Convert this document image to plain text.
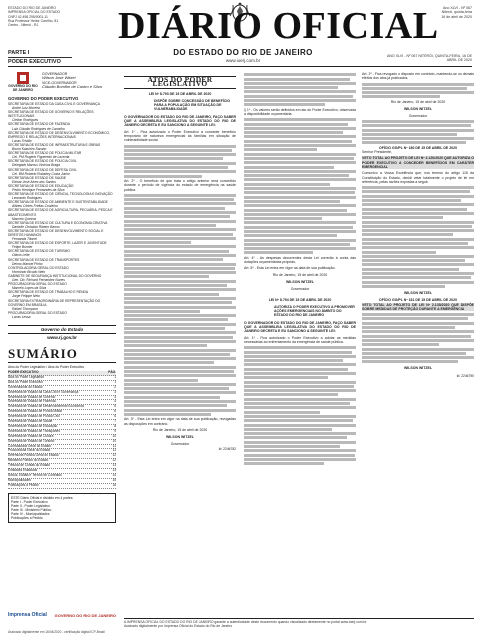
ESTADO DO RIO DE JANEIRO
IMPRENSA OFICIAL DO ESTADO
CNPJ 42.498.295/0001-11
Rua Professor Heitor Carrilho, 81
Centro - Niterói - RJ
PARTE I
PODER EXECUTIVO
DIÁRIO OFICIAL
DO ESTADO DO RIO DE JANEIRO
www.ioerj.com.br
Ano XLVI - Nº 067
Niterói, quinta-feira
16 de abril de 2020
ANO XLVI - Nº 067 NITERÓI, QUINTA-FEIRA, 16 DE ABRIL DE 2020
GOVERNO DO RIO DE JANEIRO
GOVERNADOR
Wilson José Witzel
VICE-GOVERNADOR
Cláudio Bomfim de Castro e Silva
GOVERNO DO PODER EXECUTIVO
SECRETARIA DE ESTADO DA CASA CIVIL E GOVERNANÇA
André Luiz Moreira
SECRETARIA DE ESTADO DE GOVERNO E RELAÇÕES INSTITUCIONAIS
Cleiton Rodrigues
SECRETARIA DE ESTADO DE FAZENDA
Luiz Cláudio Rodrigues de Carvalho
SECRETARIA DE ESTADO DE DESENVOLVIMENTO ECONÔMICO, EMPREGO E RELAÇÕES INTERNACIONAIS
Lucas Tristão
SECRETARIA DE ESTADO DE INFRAESTRUTURA E OBRAS
Bruno Kazuhiro Sarubo
SECRETARIA DE ESTADO DE POLÍCIA MILITAR
Cel. PM Rogério Figueredo de Lacerda
SECRETARIA DE ESTADO DE POLÍCIA CIVIL
Delegado Marcus Vinícius Braga
SECRETARIA DE ESTADO DE DEFESA CIVIL
Cel. BM Roberto Robadey Costa Junior
SECRETARIA DE ESTADO DE SAÚDE
Edmar José Alves dos Santos
SECRETARIA DE ESTADO DE EDUCAÇÃO
Pedro Henrique Fernandes da Silva
SECRETARIA DE ESTADO DE CIÊNCIA, TECNOLOGIA E INOVAÇÃO
Leonardo Rodrigues
SECRETARIA DE ESTADO DE AMBIENTE E SUSTENTABILIDADE
Altineu Côrtes Freitas Coutinho
SECRETARIA DE ESTADO DE AGRICULTURA, PECUÁRIA, PESCA E ABASTECIMENTO
Marcelo Queiroz
SECRETARIA DE ESTADO DE CULTURA E ECONOMIA CRIATIVA
Danielle Christian Ribeiro Barros
SECRETARIA DE ESTADO DE DESENVOLVIMENTO SOCIAL E DIREITOS HUMANOS
Fernanda Titonel
SECRETARIA DE ESTADO DE ESPORTE, LAZER E JUVENTUDE
Felipe Bornier
SECRETARIA DE ESTADO DE TURISMO
Otávio Leite
SECRETARIA DE ESTADO DE TRANSPORTES
Delmo Manoel Pinho
CONTROLADORIA GERAL DO ESTADO
Hormindo Bicudo Neto
GABINETE DE SEGURANÇA INSTITUCIONAL DO GOVERNO
Gen. Div. Richard Fernandez Nunes
PROCURADORIA GERAL DO ESTADO
Marcelo Lopes da Silva
SECRETARIA DE ESTADO DE TRABALHO E RENDA
Jorge Felippe Neto
SECRETARIA EXTRAORDINÁRIA DE REPRESENTAÇÃO DO GOVERNO EM BRASÍLIA
Rafael Thompson
PROCURADORIA GERAL DO ESTADO
Lucas Lessa
Governo do Estado
www.rj.gov.br
SUMÁRIO
Atos do Poder Legislativo / Atos do Poder Executivo
PODER EXECUTIVO	PÁG.
Atos do Poder Legislativo	1
Atos do Poder Executivo	1
Governadoria do Estado	2
Secretaria de Estado da Casa Civil e Governança	3
Secretaria de Estado de Governo	3
Secretaria de Estado de Fazenda	4
Secretaria de Estado de Desenvolvimento Econômico	5
Secretaria de Estado de Polícia Militar	6
Secretaria de Estado de Polícia Civil	6
Secretaria de Estado de Saúde	7
Secretaria de Estado de Educação	8
Secretaria de Estado de Transportes	9
Secretaria de Estado de Cultura	10
Secretaria de Estado de Turismo	10
Controladoria Geral do Estado	11
Procuradoria Geral do Estado	11
Defensoria Pública Geral do Estado	12
Ministério Público do Estado	12
Tribunal de Contas do Estado	13
Entidades Estaduais	13
Avisos, Editais e Termos de Contratos	14
Municipalidades	15
Publicações a Pedido	16
ESTE Diário Oficial é dividido em 4 partes:
Parte I - Poder Executivo
Parte II - Poder Legislativo
Parte III - Ministério Público
Parte IV - Municipalidades
Publicações a Pedido
ATOS DO PODER LEGISLATIVO
LEI Nº 8.793 DE 15 DE ABRIL DE 2020
DISPÕE SOBRE CONCESSÃO DE BENEFÍCIO PARA A POPULAÇÃO EM SITUAÇÃO DE VULNERABILIDADE
O GOVERNADOR DO ESTADO DO RIO DE JANEIRO, FAÇO SABER QUE A ASSEMBLEIA LEGISLATIVA DO ESTADO DO RIO DE JANEIRO DECRETA E EU SANCIONO A SEGUINTE LEI:
Art. 1º - Fica autorizado o Poder Executivo a conceder benefício temporário de natureza emergencial às famílias em situação de vulnerabilidade social.
Art. 2º - O benefício de que trata o artigo anterior será concedido durante o período de vigência do estado de emergência na saúde pública.
Art. 3º - Esta Lei entra em vigor na data de sua publicação, revogadas as disposições em contrário.
Rio de Janeiro, 15 de abril de 2020
WILSON WITZEL
Governador
Id: 2246782
§ 1º - Os valores serão definidos em ato do Poder Executivo, observada a disponibilidade orçamentária.
Art. 4º - As despesas decorrentes desta Lei correrão à conta das dotações orçamentárias próprias.
Art. 5º - Esta Lei entra em vigor na data de sua publicação.
Rio de Janeiro, 15 de abril de 2020
WILSON WITZEL
Governador
LEI Nº 8.794 DE 15 DE ABRIL DE 2020
AUTORIZA O PODER EXECUTIVO A PROMOVER AÇÕES EMERGENCIAIS NO ÂMBITO DO ESTADO DO RIO DE JANEIRO
O GOVERNADOR DO ESTADO DO RIO DE JANEIRO, FAÇO SABER QUE A ASSEMBLEIA LEGISLATIVA DO ESTADO DO RIO DE JANEIRO DECRETA E EU SANCIONO A SEGUINTE LEI:
Art. 1º - Fica autorizado o Poder Executivo a adotar as medidas necessárias ao enfrentamento da emergência de saúde pública.
Art. 2º - Fica revogado o disposto em contrário, mantendo-se os demais efeitos dos atos já praticados.
Rio de Janeiro, 15 de abril de 2020
WILSON WITZEL
Governador
OFÍCIO GG/PL Nº 180 DE 15 DE ABRIL DE 2020
Senhor Presidente,
VETO TOTAL AO PROJETO DE LEI Nº 2.120/2020 QUE AUTORIZA O PODER EXECUTIVO A CONCEDER BENEFÍCIOS EM CARÁTER EMERGENCIAL
Comunico a Vossa Excelência que, nos termos do artigo 115 da Constituição do Estado, decidi vetar totalmente o projeto de lei em referência, pelas razões expostas a seguir.
WILSON WITZEL
OFÍCIO GG/PL Nº 181 DE 15 DE ABRIL DE 2020
VETO TOTAL AO PROJETO DE LEI Nº 2.135/2020 QUE DISPÕE SOBRE MEDIDAS DE PROTEÇÃO DURANTE A EMERGÊNCIA
WILSON WITZEL
Id: 2246790
Imprensa Oficial GOVERNO DO RIO DE JANEIRO
A IMPRENSA OFICIAL DO ESTADO DO RIO DE JANEIRO garante a autenticidade deste documento quando visualizado diretamente no portal www.ioerj.com.br
Assinado digitalmente por Imprensa Oficial do Estado do Rio de Janeiro
Assinado digitalmente em 16/04/2020 - certificação digital ICP-Brasil
